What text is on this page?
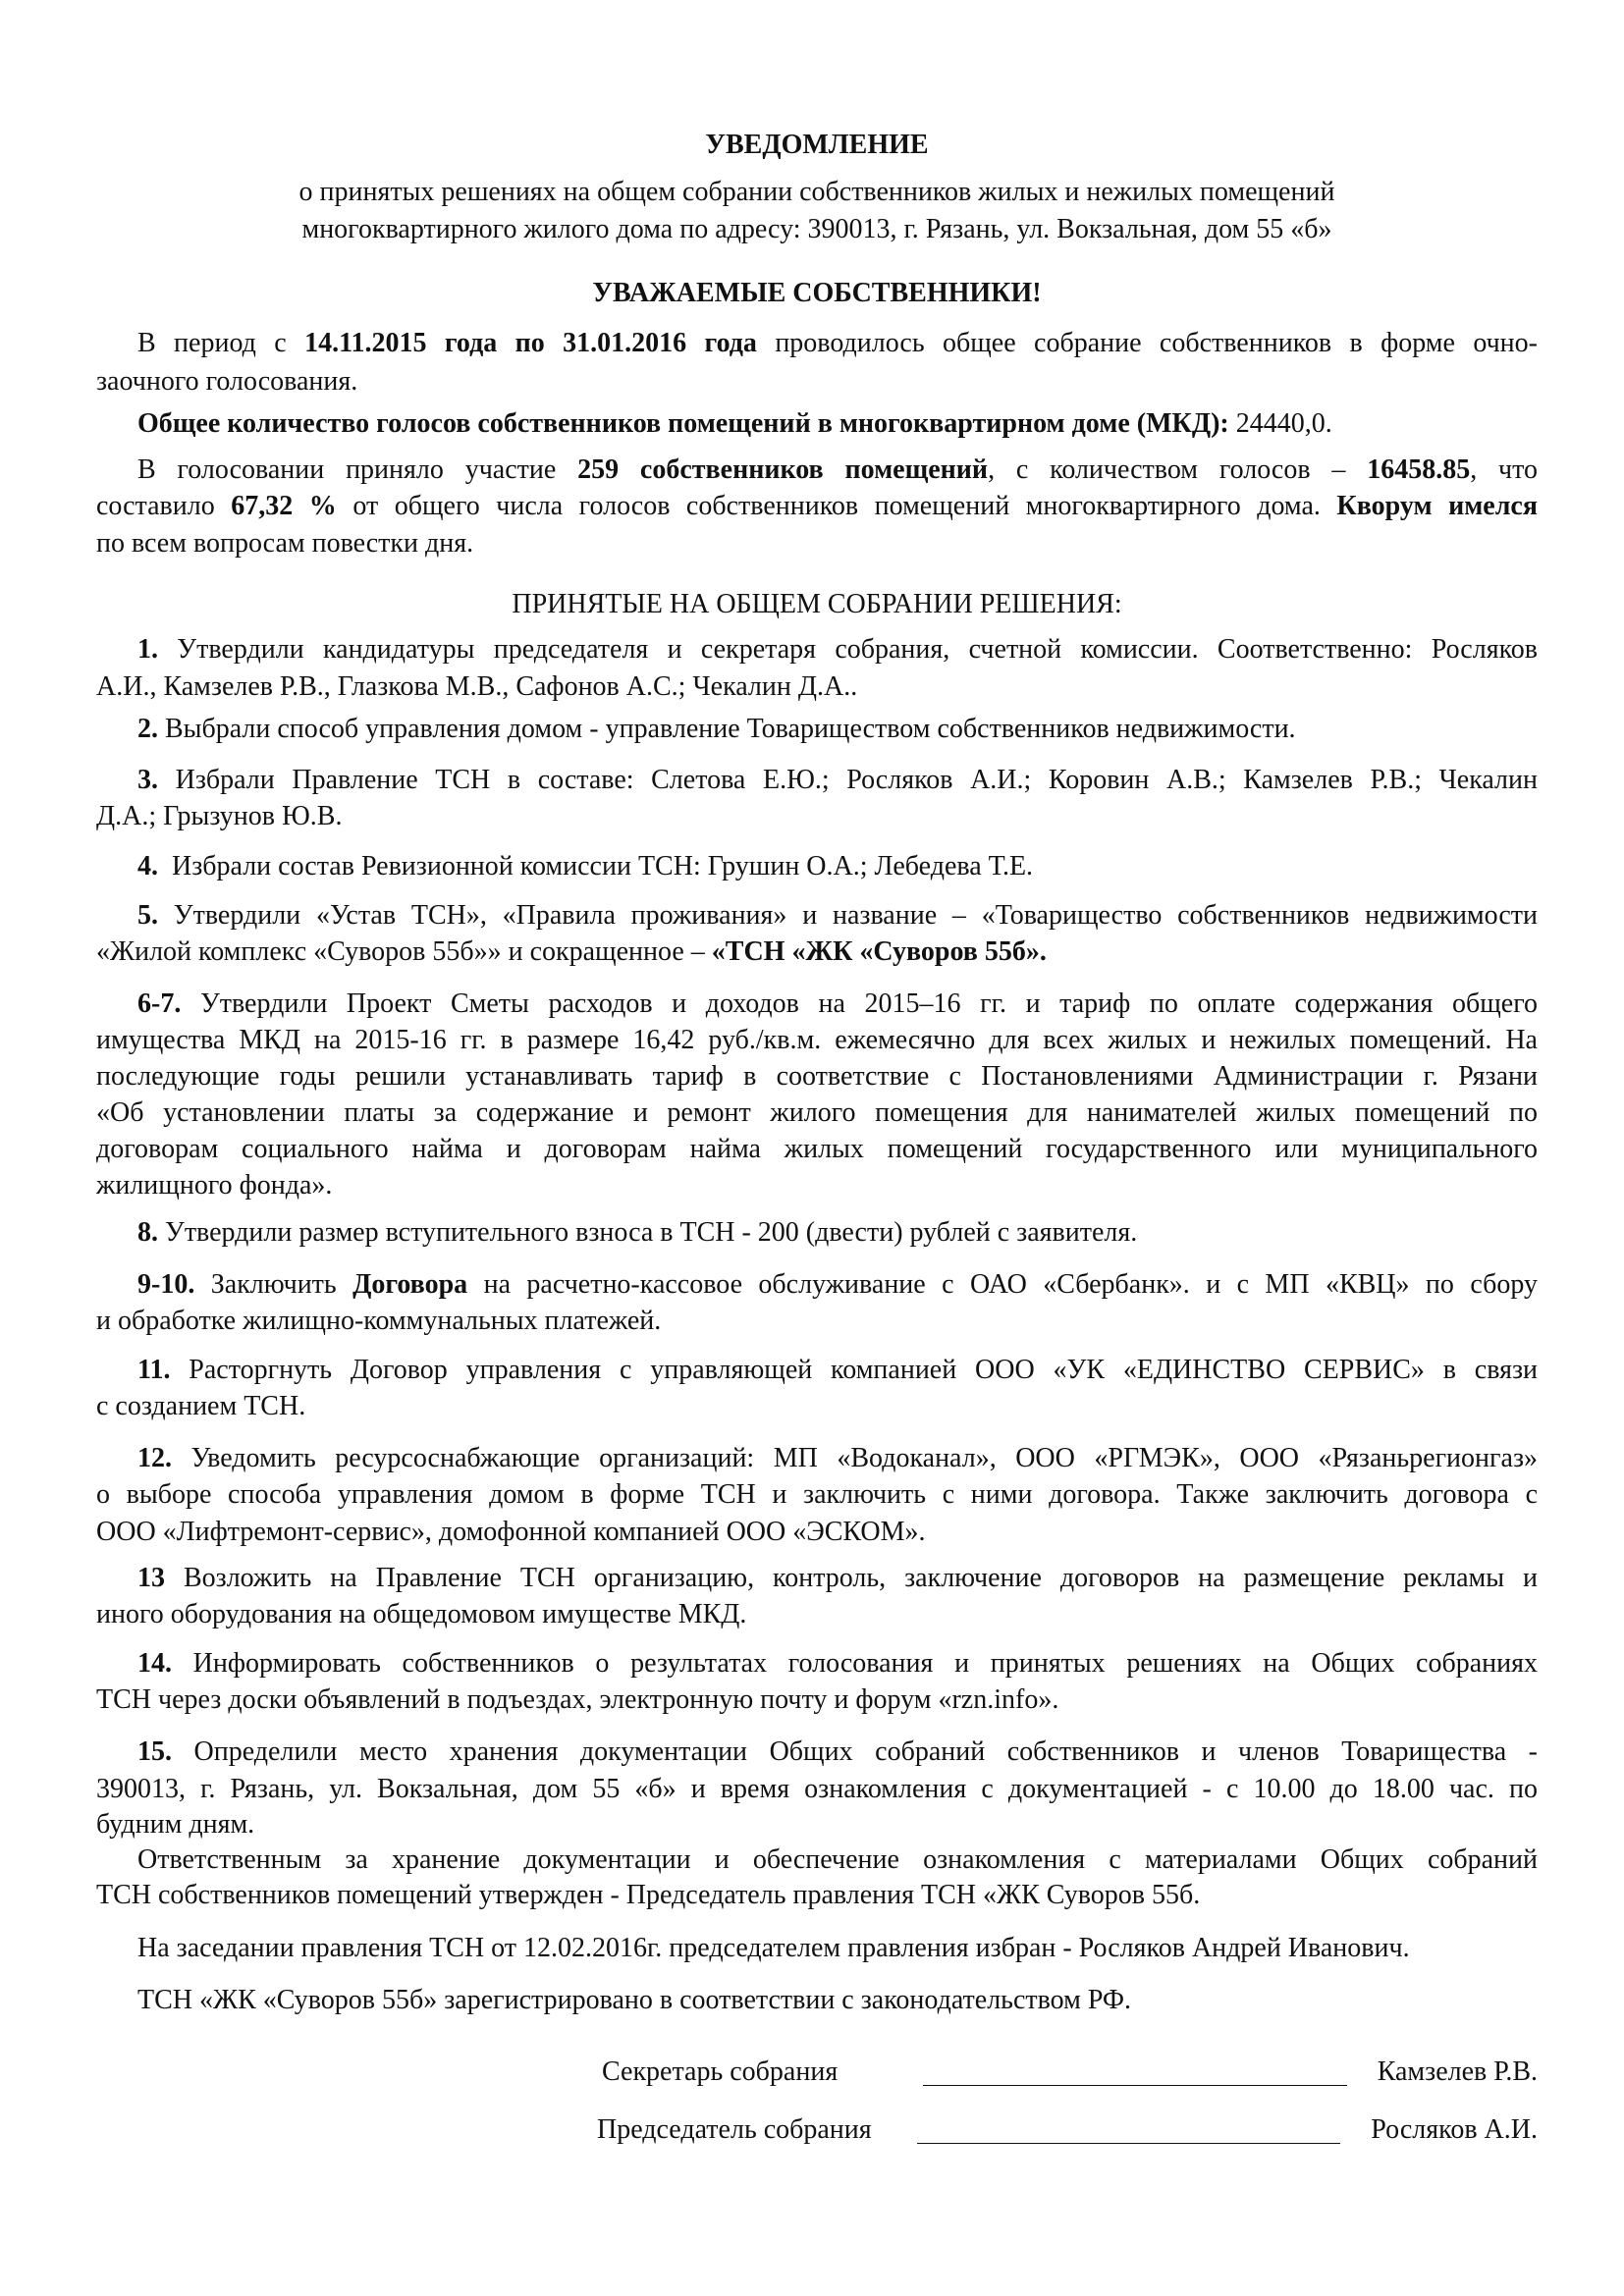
УВЕДОМЛЕНИЕ
о принятых решениях на общем собрании собственников жилых и нежилых помещений
многоквартирного жилого дома по адресу: 390013, г. Рязань, ул. Вокзальная, дом 55 «б»
УВАЖАЕМЫЕ СОБСТВЕННИКИ!
В период с 14.11.2015 года по 31.01.2016 года проводилось общее собрание собственников в форме очно-
заочного голосования.
Общее количество голосов собственников помещений в многоквартирном доме (МКД): 24440,0.
В голосовании приняло участие 259 собственников помещений, с количеством голосов – 16458.85, что
составило 67,32 % от общего числа голосов собственников помещений многоквартирного дома. Кворум имелся
по всем вопросам повестки дня.
ПРИНЯТЫЕ НА ОБЩЕМ СОБРАНИИ РЕШЕНИЯ:
1. Утвердили кандидатуры председателя и секретаря собрания, счетной комиссии. Соответственно: Росляков
А.И., Камзелев Р.В., Глазкова М.В., Сафонов А.С.; Чекалин Д.А..
2. Выбрали способ управления домом - управление Товариществом собственников недвижимости.
3. Избрали Правление ТСН в составе: Слетова Е.Ю.; Росляков А.И.; Коровин А.В.; Камзелев Р.В.; Чекалин
Д.А.; Грызунов Ю.В.
4.  Избрали состав Ревизионной комиссии ТСН: Грушин О.А.; Лебедева Т.Е.
5. Утвердили «Устав ТСН», «Правила проживания» и название – «Товарищество собственников недвижимости
«Жилой комплекс «Суворов 55б»» и сокращенное – «ТСН «ЖК «Суворов 55б».
6-7. Утвердили Проект Сметы расходов и доходов на 2015–16 гг. и тариф по оплате содержания общего
имущества МКД на 2015-16 гг. в размере 16,42 руб./кв.м. ежемесячно для всех жилых и нежилых помещений. На
последующие годы решили устанавливать тариф в соответствие с Постановлениями Администрации г. Рязани
«Об установлении платы за содержание и ремонт жилого помещения для нанимателей жилых помещений по
договорам социального найма и договорам найма жилых помещений государственного или муниципального
жилищного фонда».
8. Утвердили размер вступительного взноса в ТСН - 200 (двести) рублей с заявителя.
9-10. Заключить Договора на расчетно-кассовое обслуживание с ОАО «Сбербанк». и с МП «КВЦ» по сбору
и обработке жилищно-коммунальных платежей.
11. Расторгнуть Договор управления с управляющей компанией ООО «УК «ЕДИНСТВО СЕРВИС» в связи
с созданием ТСН.
12. Уведомить ресурсоснабжающие организаций: МП «Водоканал», ООО «РГМЭК», ООО «Рязаньрегионгаз»
о выборе способа управления домом в форме ТСН и заключить с ними договора. Также заключить договора с
ООО «Лифтремонт-сервис», домофонной компанией ООО «ЭСКОМ».
13 Возложить на Правление ТСН организацию, контроль, заключение договоров на размещение рекламы и
иного оборудования на общедомовом имуществе МКД.
14. Информировать собственников о результатах голосования и принятых решениях на Общих собраниях
ТСН через доски объявлений в подъездах, электронную почту и форум «rzn.info».
15. Определили место хранения документации Общих собраний собственников и членов Товарищества -
390013, г. Рязань, ул. Вокзальная, дом 55 «б» и время ознакомления с документацией - с 10.00 до 18.00 час. по
будним дням.
Ответственным за хранение документации и обеспечение ознакомления с материалами Общих собраний
ТСН собственников помещений утвержден - Председатель правления ТСН «ЖК Суворов 55б.
На заседании правления ТСН от 12.02.2016г. председателем правления избран - Росляков Андрей Иванович.
ТСН «ЖК «Суворов 55б» зарегистрировано в соответствии с законодательством РФ.
Секретарь собрания	Камзелев Р.В.
Председатель собрания	Росляков А.И.
